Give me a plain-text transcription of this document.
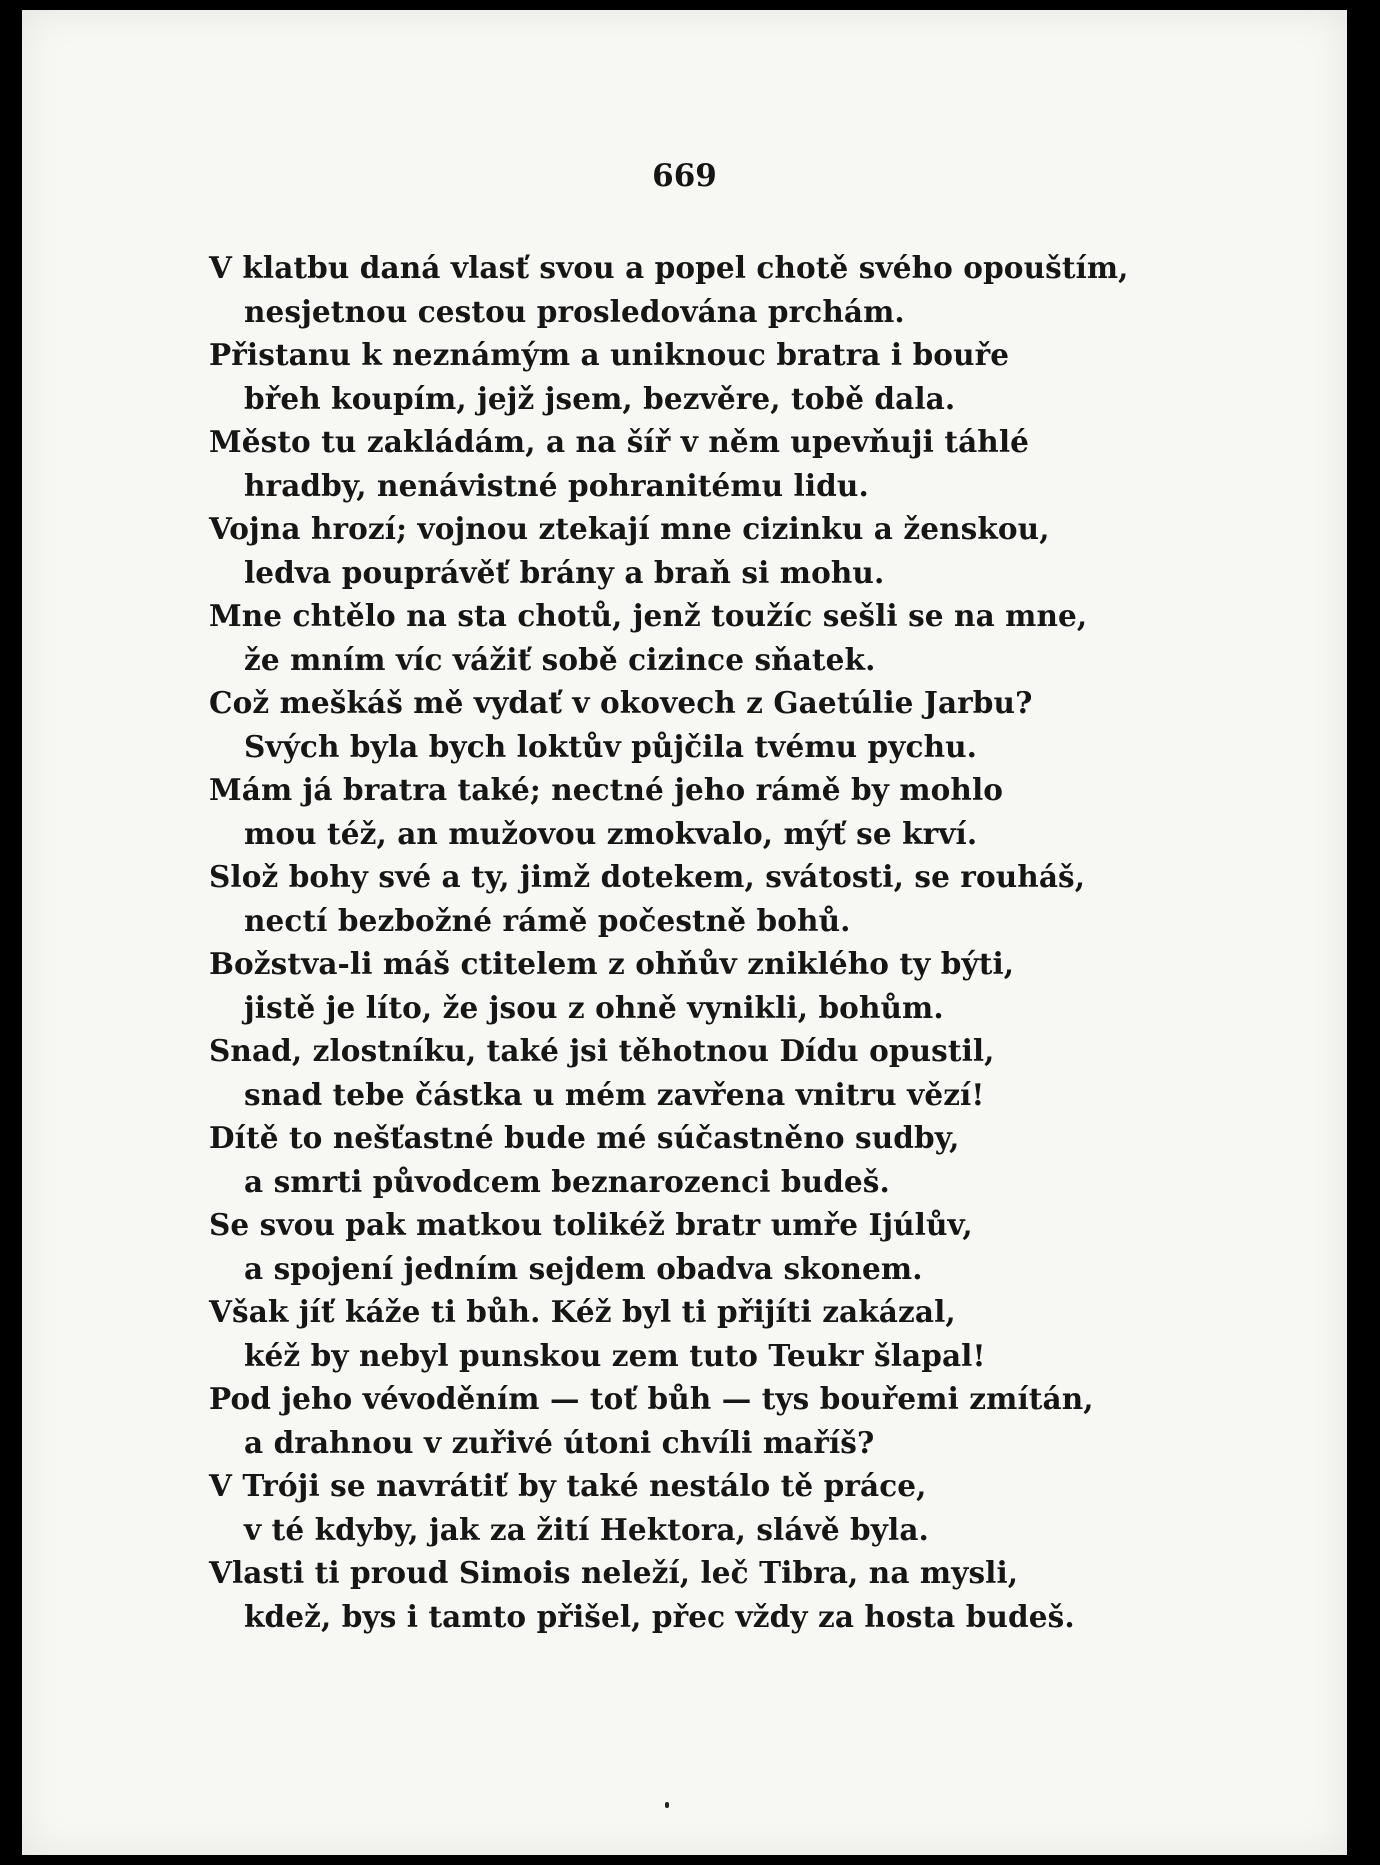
669
V klatbu daná vlasť svou a popel chotě svého opouštím,
nesjetnou cestou prosledována prchám.
Přistanu k neznámým a uniknouc bratra i bouře
břeh koupím, jejž jsem, bezvěre, tobě dala.
Město tu zakládám, a na šíř v něm upevňuji táhlé
hradby, nenávistné pohranitému lidu.
Vojna hrozí; vojnou ztekají mne cizinku a ženskou,
ledva pouprávěť brány a braň si mohu.
Mne chtělo na sta chotů, jenž toužíc sešli se na mne,
že mním víc vážiť sobě cizince sňatek.
Což meškáš mě vydať v okovech z Gaetúlie Jarbu?
Svých byla bych loktův půjčila tvému pychu.
Mám já bratra také; nectné jeho rámě by mohlo
mou též, an mužovou zmokvalo, mýť se krví.
Slož bohy své a ty, jimž dotekem, svátosti, se rouháš,
nectí bezbožné rámě počestně bohů.
Božstva-li máš ctitelem z ohňův zniklého ty býti,
jistě je líto, že jsou z ohně vynikli, bohům.
Snad, zlostníku, také jsi těhotnou Dídu opustil,
snad tebe částka u mém zavřena vnitru vězí!
Dítě to nešťastné bude mé súčastněno sudby,
a smrti původcem beznarozenci budeš.
Se svou pak matkou tolikéž bratr umře Ijúlův,
a spojení jedním sejdem obadva skonem.
Však jíť káže ti bůh. Kéž byl ti přijíti zakázal,
kéž by nebyl punskou zem tuto Teukr šlapal!
Pod jeho vévoděním — toť bůh — tys bouřemi zmítán,
a drahnou v zuřivé útoni chvíli maříš?
V Tróji se navrátiť by také nestálo tě práce,
v té kdyby, jak za žití Hektora, slávě byla.
Vlasti ti proud Simois neleží, leč Tibra, na mysli,
kdež, bys i tamto přišel, přec vždy za hosta budeš.
